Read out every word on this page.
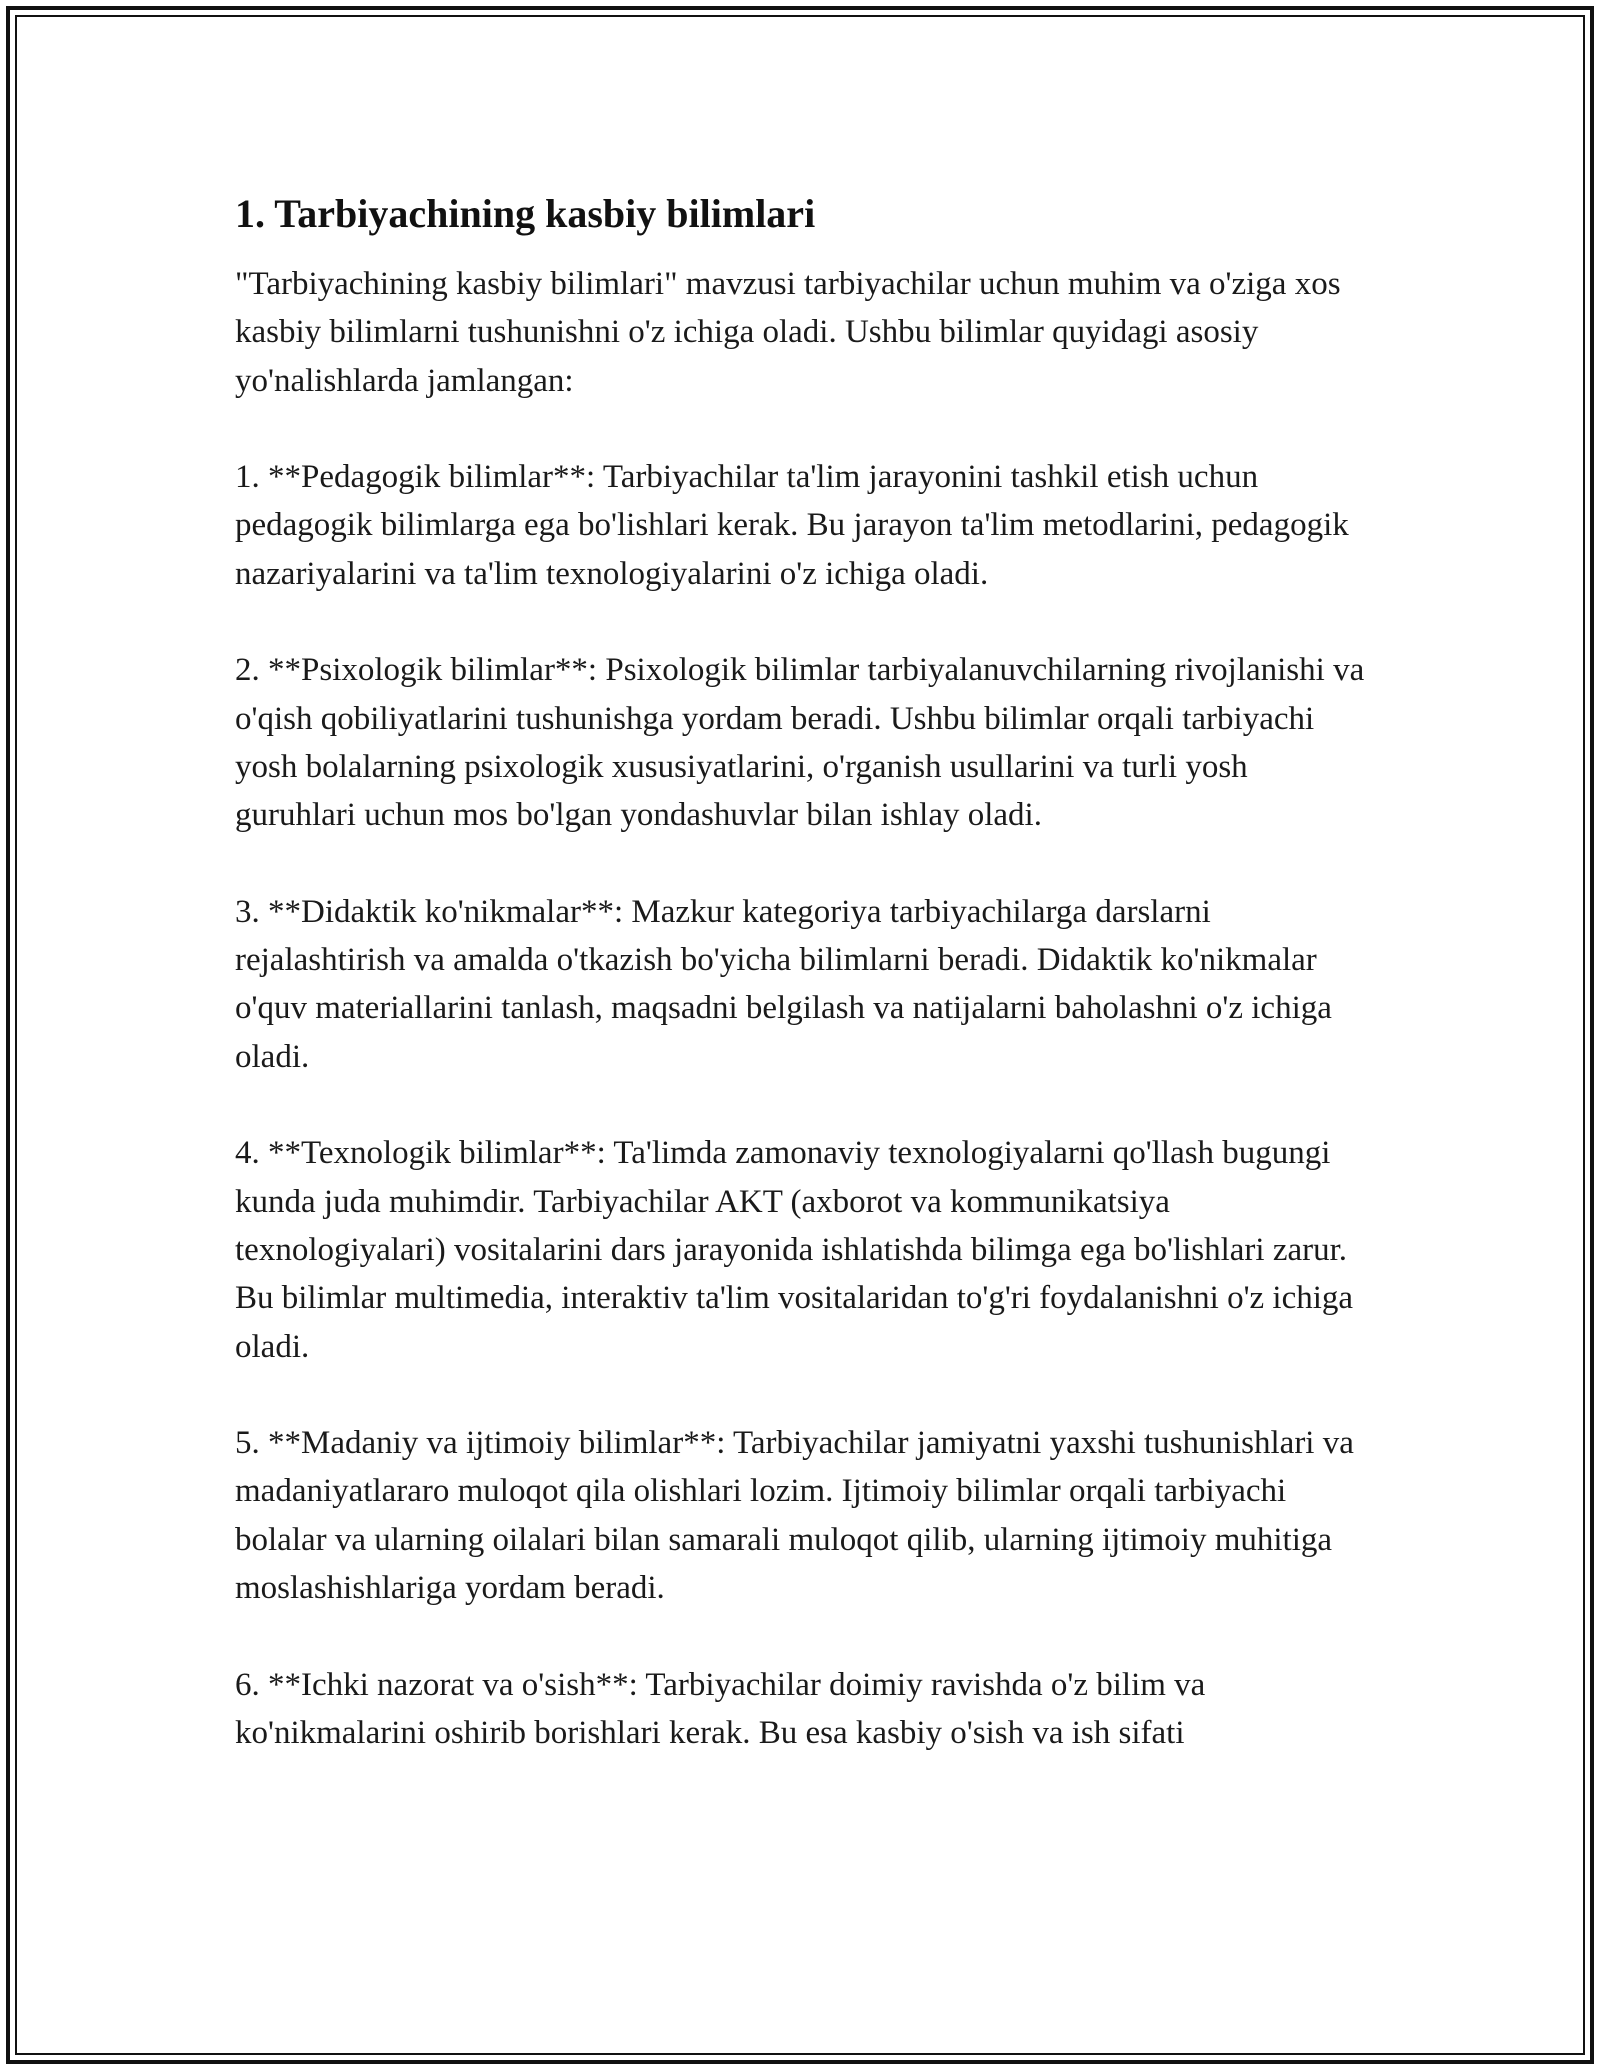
1. Tarbiyachining kasbiy bilimlari

"Tarbiyachining kasbiy bilimlari" mavzusi tarbiyachilar uchun muhim va o'ziga xos kasbiy bilimlarni tushunishni o'z ichiga oladi. Ushbu bilimlar quyidagi asosiy yo'nalishlarda jamlangan:

1. **Pedagogik bilimlar**: Tarbiyachilar ta'lim jarayonini tashkil etish uchun pedagogik bilimlarga ega bo'lishlari kerak. Bu jarayon ta'lim metodlarini, pedagogik nazariyalarini va ta'lim texnologiyalarini o'z ichiga oladi.

2. **Psixologik bilimlar**: Psixologik bilimlar tarbiyalanuvchilarning rivojlanishi va o'qish qobiliyatlarini tushunishga yordam beradi. Ushbu bilimlar orqali tarbiyachi yosh bolalarning psixologik xususiyatlarini, o'rganish usullarini va turli yosh guruhlari uchun mos bo'lgan yondashuvlar bilan ishlay oladi.

3. **Didaktik ko'nikmalar**: Mazkur kategoriya tarbiyachilarga darslarni rejalashtirish va amalda o'tkazish bo'yicha bilimlarni beradi. Didaktik ko'nikmalar o'quv materiallarini tanlash, maqsadni belgilash va natijalarni baholashni o'z ichiga oladi.

4. **Texnologik bilimlar**: Ta'limda zamonaviy texnologiyalarni qo'llash bugungi kunda juda muhimdir. Tarbiyachilar AKT (axborot va kommunikatsiya texnologiyalari) vositalarini dars jarayonida ishlatishda bilimga ega bo'lishlari zarur. Bu bilimlar multimedia, interaktiv ta'lim vositalaridan to'g'ri foydalanishni o'z ichiga oladi.

5. **Madaniy va ijtimoiy bilimlar**: Tarbiyachilar jamiyatni yaxshi tushunishlari va madaniyatlararo muloqot qila olishlari lozim. Ijtimoiy bilimlar orqali tarbiyachi bolalar va ularning oilalari bilan samarali muloqot qilib, ularning ijtimoiy muhitiga moslashishlariga yordam beradi.

6. **Ichki nazorat va o'sish**: Tarbiyachilar doimiy ravishda o'z bilim va ko'nikmalarini oshirib borishlari kerak. Bu esa kasbiy o'sish va ish sifati
